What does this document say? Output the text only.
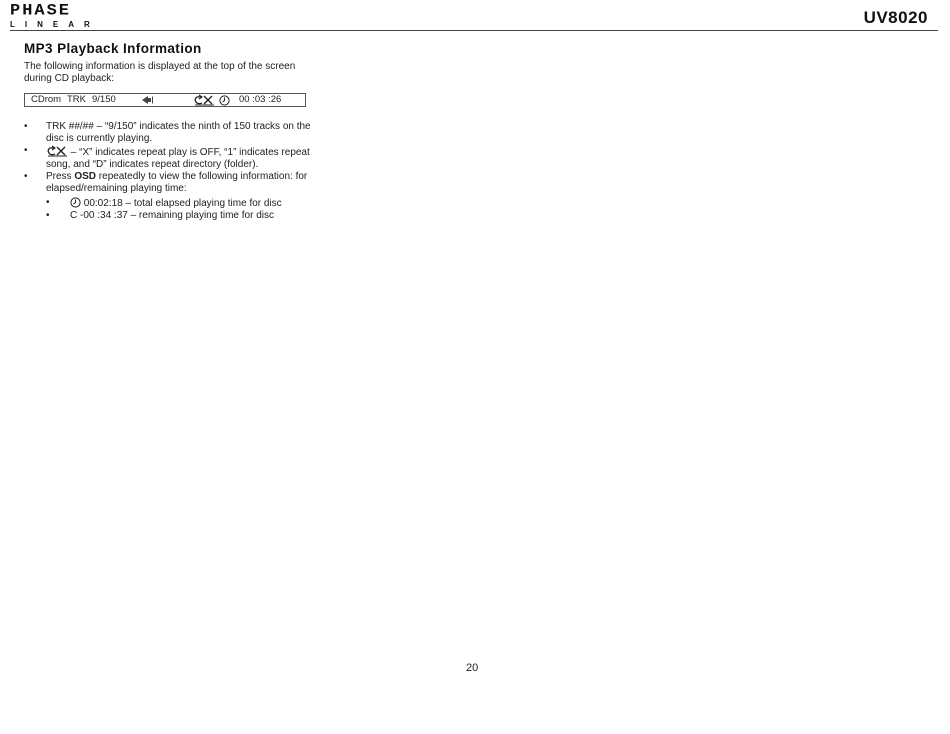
PHASE
LINEAR	UV8020
MP3 Playback Information
The following information is displayed at the top of the screen during CD playback:
CDrom TRK 9/150	00 :03 :26
• TRK ##/## – “9/150” indicates the ninth of 150 tracks on the disc is currently playing.
• – “X” indicates repeat play is OFF, “1” indicates repeat song, and “D” indicates repeat directory (folder).
• Press OSD repeatedly to view the following information: for elapsed/remaining playing time:
• 00:02:18 – total elapsed playing time for disc
• C -00 :34 :37 – remaining playing time for disc
20
